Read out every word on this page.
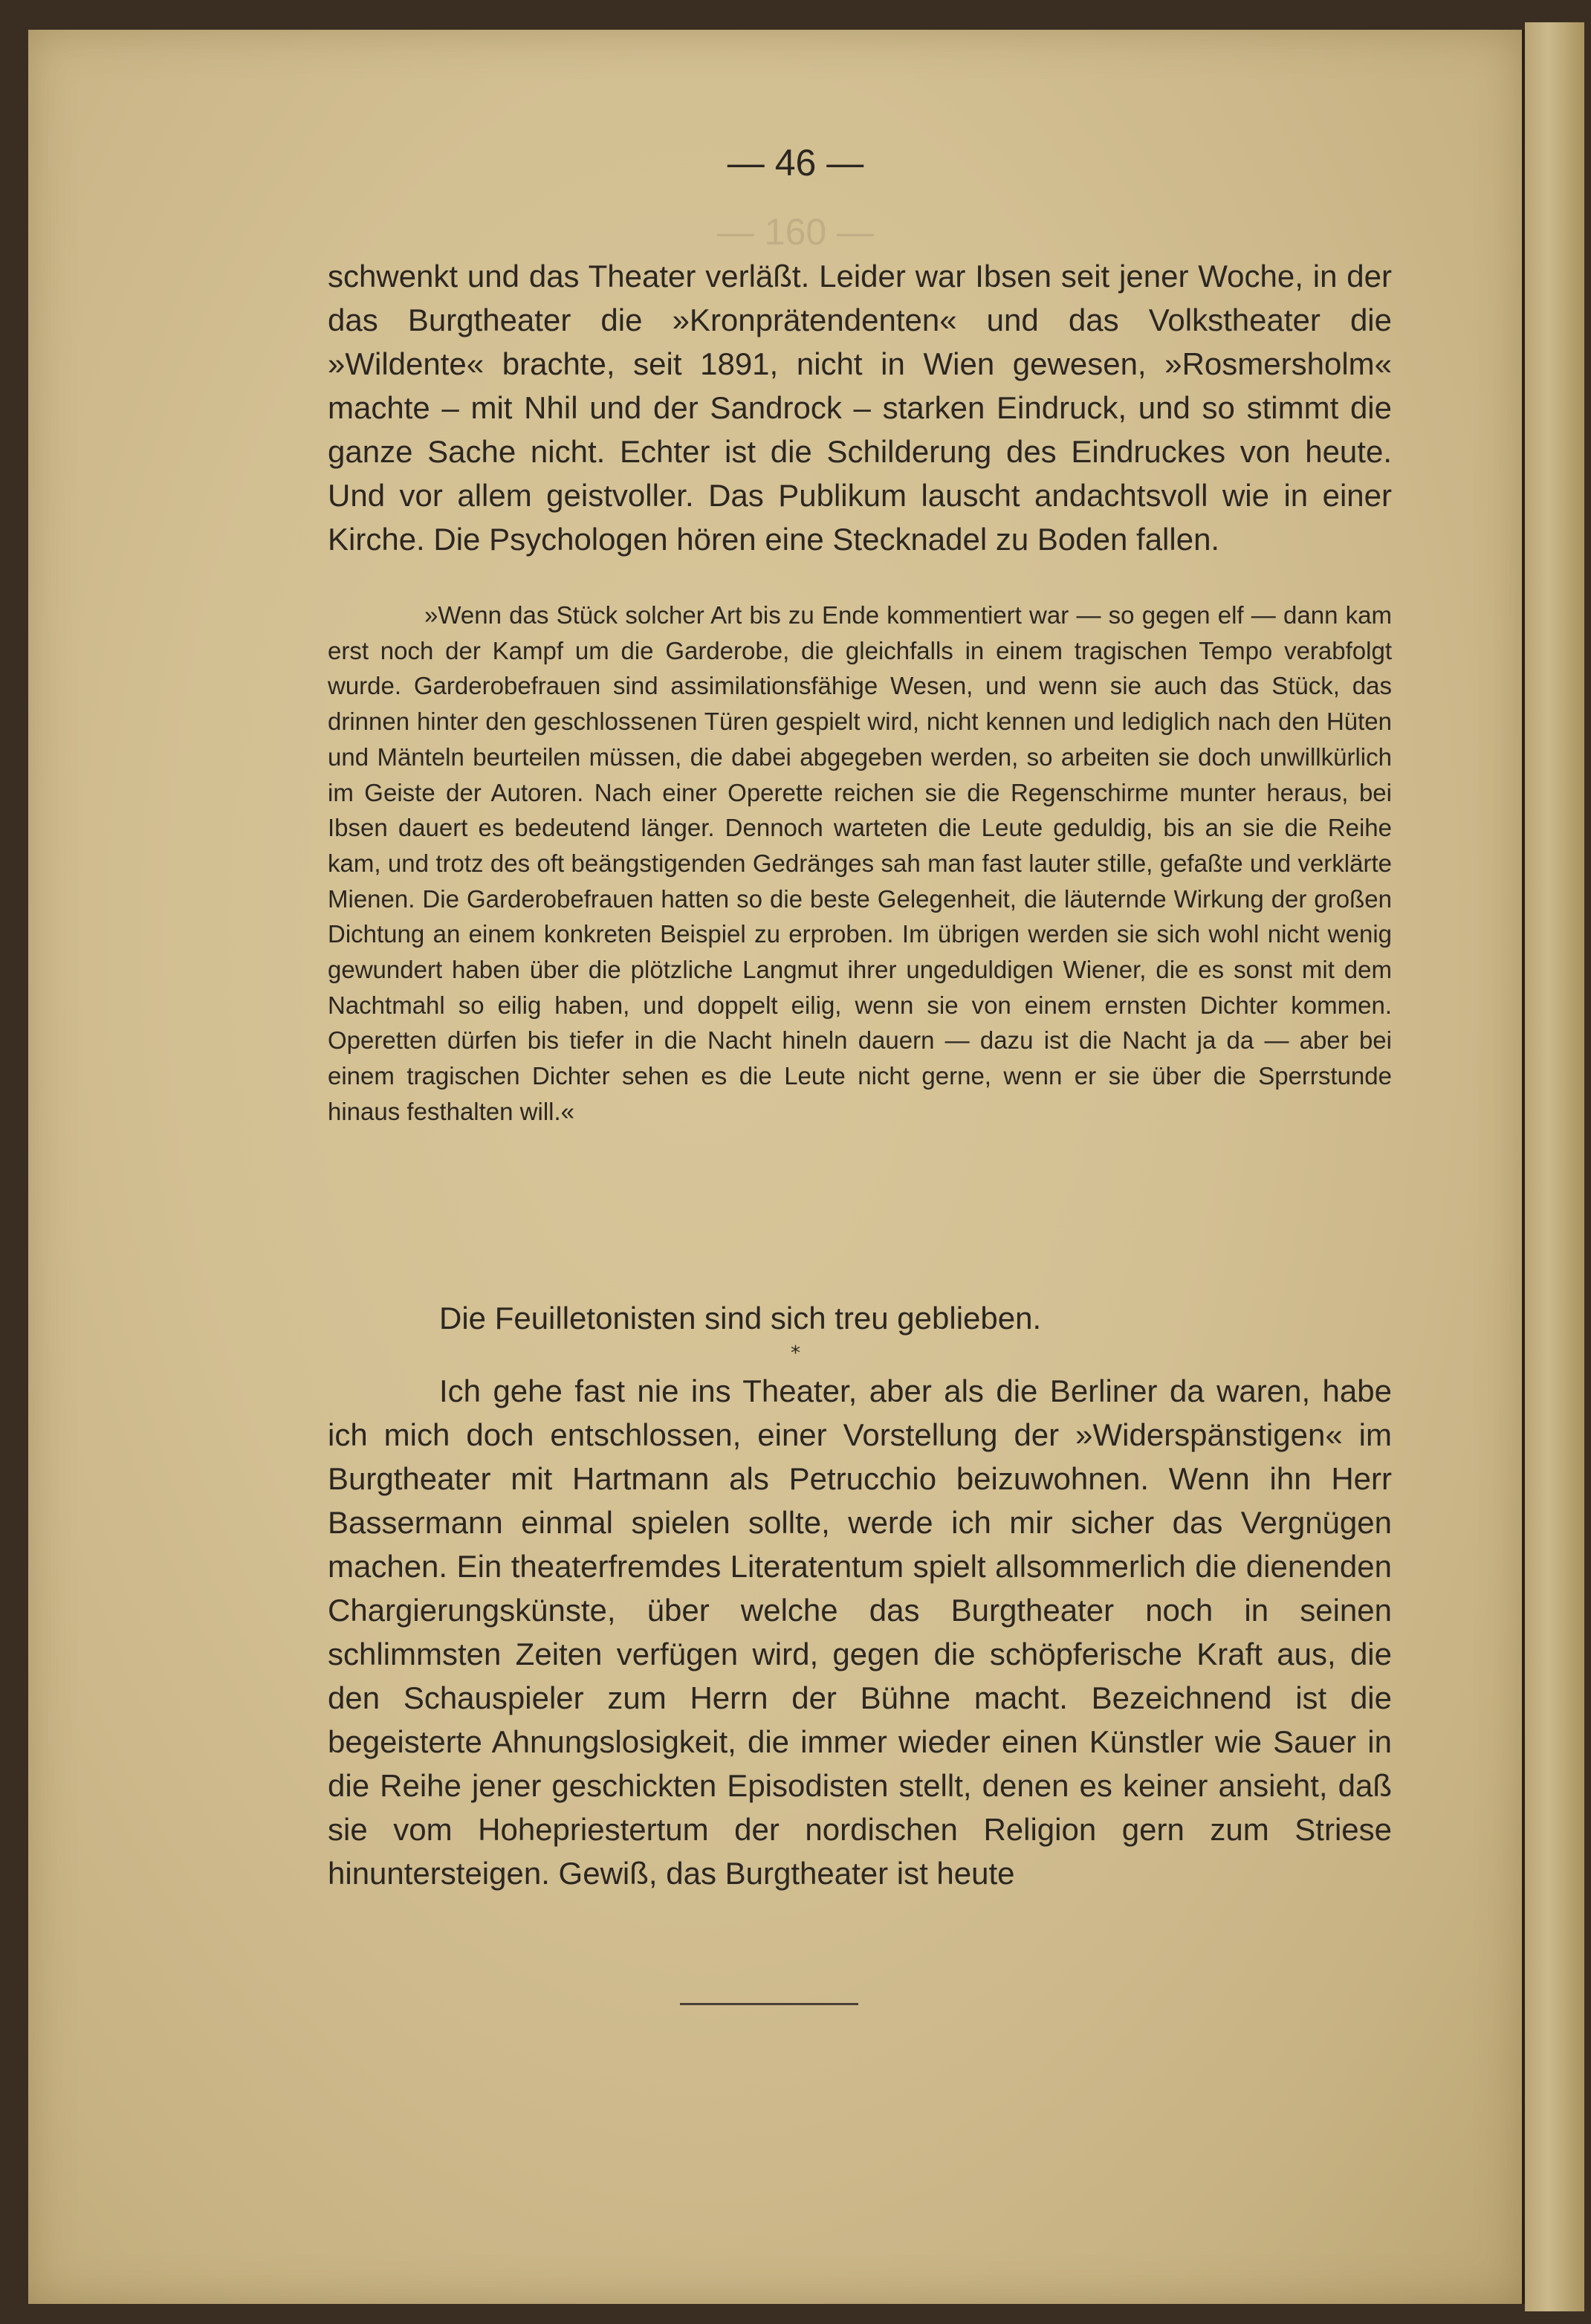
— 160 —
— 46 —

schwenkt und das Theater verläßt. Leider war Ibsen seit jener Woche, in der das Burgtheater die »Kronprätendenten« und das Volkstheater die »Wildente« brachte, seit 1891, nicht in Wien gewesen, »Rosmersholm« machte – mit Nhil und der Sandrock – starken Eindruck, und so stimmt die ganze Sache nicht. Echter ist die Schilderung des Eindruckes von heute. Und vor allem geistvoller. Das Publikum lauscht andachtsvoll wie in einer Kirche. Die Psychologen hören eine Stecknadel zu Boden fallen.

»Wenn das Stück solcher Art bis zu Ende kommentiert war — so gegen elf — dann kam erst noch der Kampf um die Garderobe, die gleichfalls in einem tragischen Tempo verabfolgt wurde. Garderobefrauen sind assimilationsfähige Wesen, und wenn sie auch das Stück, das drinnen hinter den geschlossenen Türen gespielt wird, nicht kennen und lediglich nach den Hüten und Mänteln beurteilen müssen, die dabei abgegeben werden, so arbeiten sie doch unwillkürlich im Geiste der Autoren. Nach einer Operette reichen sie die Regenschirme munter heraus, bei Ibsen dauert es bedeutend länger. Dennoch warteten die Leute geduldig, bis an sie die Reihe kam, und trotz des oft beängstigenden Gedränges sah man fast lauter stille, gefaßte und verklärte Mienen. Die Garderobefrauen hatten so die beste Gelegenheit, die läuternde Wirkung der großen Dichtung an einem konkreten Beispiel zu erproben. Im übrigen werden sie sich wohl nicht wenig gewundert haben über die plötzliche Langmut ihrer ungeduldigen Wiener, die es sonst mit dem Nachtmahl so eilig haben, und doppelt eilig, wenn sie von einem ernsten Dichter kommen. Operetten dürfen bis tiefer in die Nacht hineln dauern — dazu ist die Nacht ja da — aber bei einem tragischen Dichter sehen es die Leute nicht gerne, wenn er sie über die Sperrstunde hinaus festhalten will.«

Die Feuilletonisten sind sich treu geblieben.

*

Ich gehe fast nie ins Theater, aber als die Berliner da waren, habe ich mich doch entschlossen, einer Vorstellung der »Widerspänstigen« im Burgtheater mit Hartmann als Petrucchio beizuwohnen. Wenn ihn Herr Bassermann einmal spielen sollte, werde ich mir sicher das Vergnügen machen. Ein theaterfremdes Literatentum spielt allsommerlich die dienenden Chargierungskünste, über welche das Burgtheater noch in seinen schlimmsten Zeiten verfügen wird, gegen die schöpferische Kraft aus, die den Schauspieler zum Herrn der Bühne macht. Bezeichnend ist die begeisterte Ahnungslosigkeit, die immer wieder einen Künstler wie Sauer in die Reihe jener geschickten Episodisten stellt, denen es keiner ansieht, daß sie vom Hohepriestertum der nordischen Religion gern zum Striese hinuntersteigen. Gewiß, das Burgtheater ist heute
